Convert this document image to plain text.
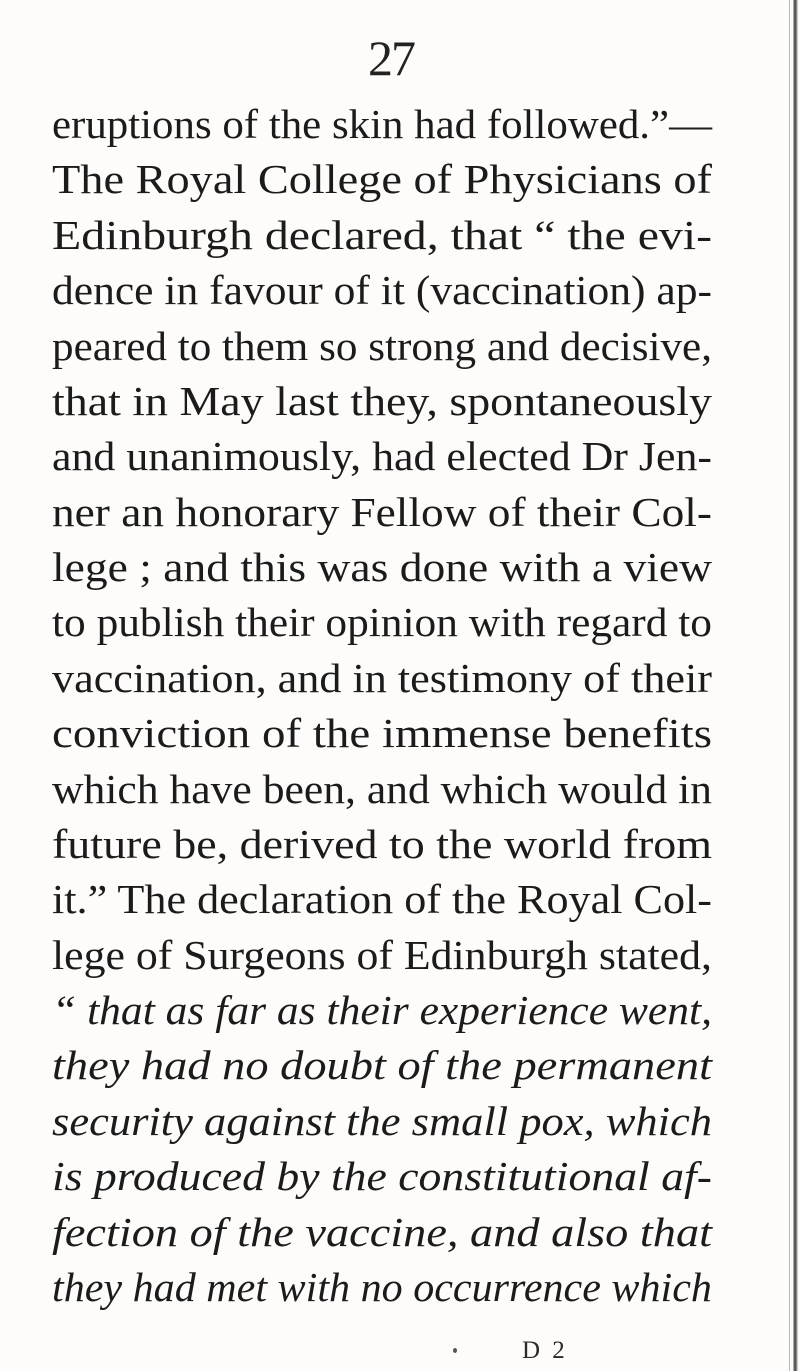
27
eruptions of the skin had followed.”—
The Royal College of Physicians of
Edinburgh declared, that “ the evi-
dence in favour of it (vaccination) ap-
peared to them so strong and decisive,
that in May last they, spontaneously
and unanimously, had elected Dr Jen-
ner an honorary Fellow of their Col-
lege ; and this was done with a view
to publish their opinion with regard to
vaccination, and in testimony of their
conviction of the immense benefits
which have been, and which would in
future be, derived to the world from
it.” The declaration of the Royal Col-
lege of Surgeons of Edinburgh stated,
“ that as far as their experience went,
they had no doubt of the permanent
security against the small pox, which
is produced by the constitutional af-
fection of the vaccine, and also that
D 2
they had met with no occurrence which
